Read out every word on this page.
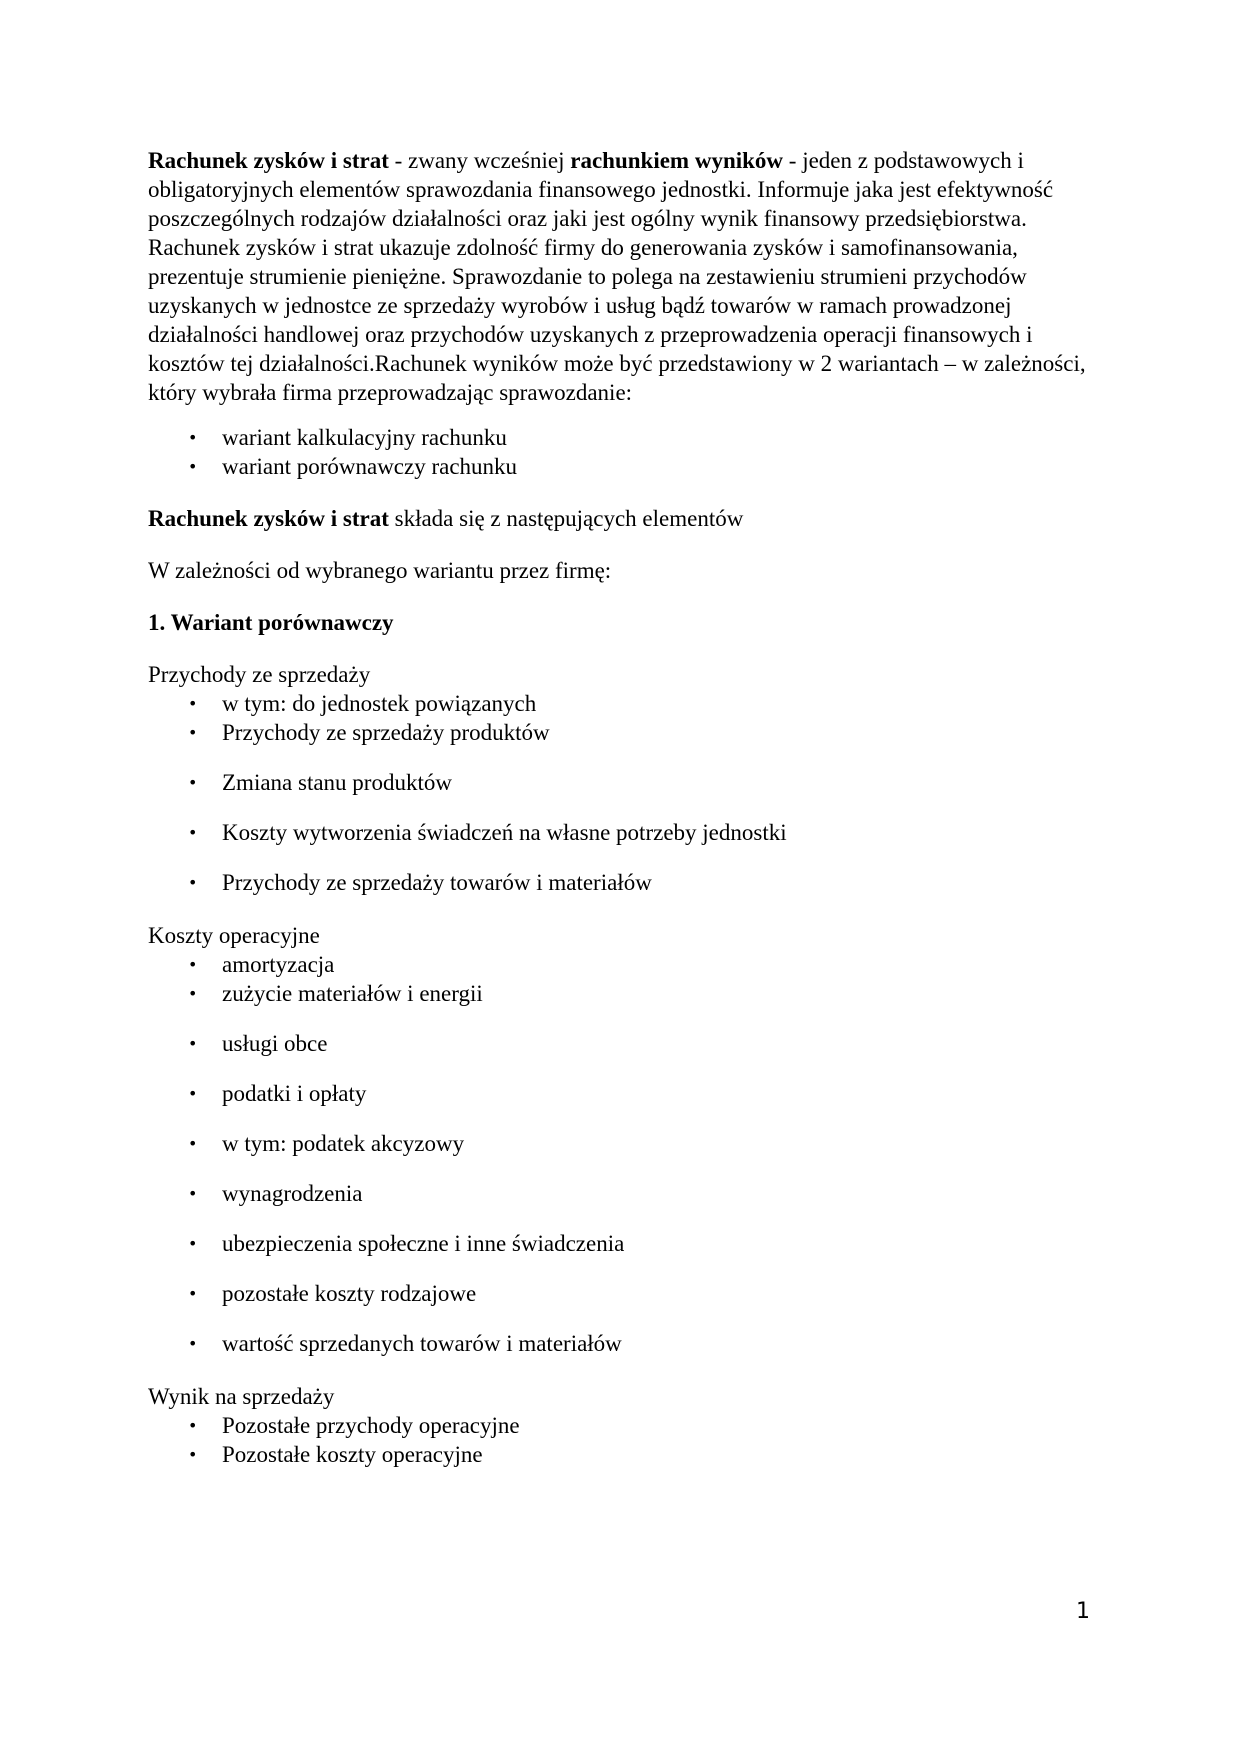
Rachunek zysków i strat - zwany wcześniej rachunkiem wyników - jeden z podstawowych i obligatoryjnych elementów sprawozdania finansowego jednostki. Informuje jaka jest efektywność poszczególnych rodzajów działalności oraz jaki jest ogólny wynik finansowy przedsiębiorstwa.

Rachunek zysków i strat ukazuje zdolność firmy do generowania zysków i samofinansowania, prezentuje strumienie pieniężne. Sprawozdanie to polega na zestawieniu strumieni przychodów uzyskanych w jednostce ze sprzedaży wyrobów i usług bądź towarów w ramach prowadzonej działalności handlowej oraz przychodów uzyskanych z przeprowadzenia operacji finansowych i kosztów tej działalności.Rachunek wyników może być przedstawiony w 2 wariantach – w zależności, który wybrała firma przeprowadzając sprawozdanie:

• wariant kalkulacyjny rachunku
• wariant porównawczy rachunku

Rachunek zysków i strat składa się z następujących elementów

W zależności od wybranego wariantu przez firmę:

1. Wariant porównawczy

Przychody ze sprzedaży

• w tym: do jednostek powiązanych
• Przychody ze sprzedaży produktów
• Zmiana stanu produktów
• Koszty wytworzenia świadczeń na własne potrzeby jednostki
• Przychody ze sprzedaży towarów i materiałów

Koszty operacyjne

• amortyzacja
• zużycie materiałów i energii
• usługi obce
• podatki i opłaty
• w tym: podatek akcyzowy
• wynagrodzenia
• ubezpieczenia społeczne i inne świadczenia
• pozostałe koszty rodzajowe
• wartość sprzedanych towarów i materiałów

Wynik na sprzedaży

• Pozostałe przychody operacyjne
• Pozostałe koszty operacyjne
1
